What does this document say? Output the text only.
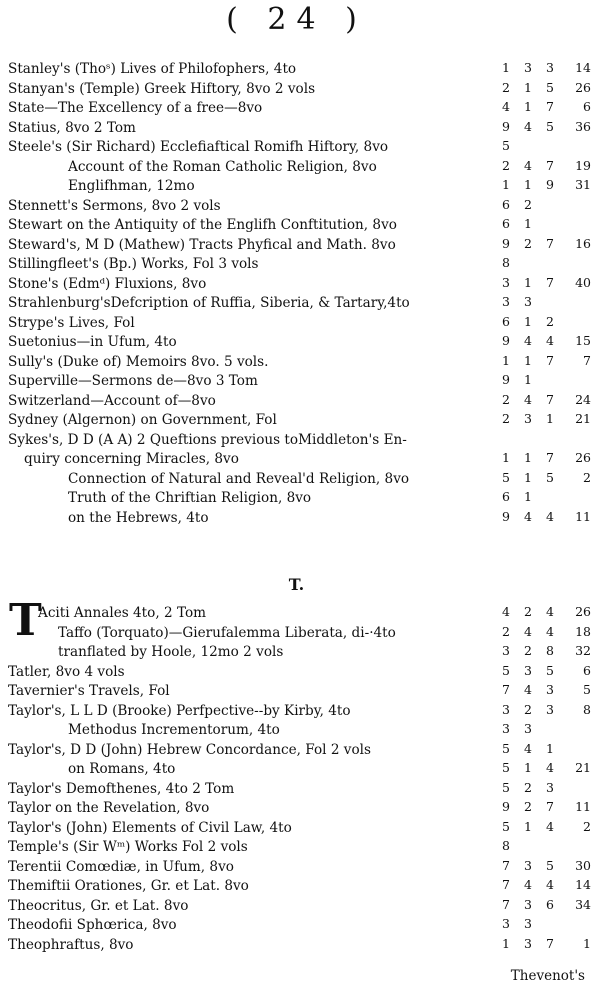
( 24 )
Stanley's (Thoˢ) Lives of Philofophers, 4to	1	3	3	14
Stanyan's (Temple) Greek Hiftory, 8vo 2 vols	2	1	5	26
State—The Excellency of a free—8vo	4	1	7	6
Statius, 8vo 2 Tom	9	4	5	36
Steele's (Sir Richard) Ecclefiaftical Romifh Hiftory, 8vo	5
Account of the Roman Catholic Religion, 8vo	2	4	7	19
Englifhman, 12mo	1	1	9	31
Stennett's Sermons, 8vo 2 vols	6	2
Stewart on the Antiquity of the Englifh Conftitution, 8vo	6	1
Steward's, M D (Mathew) Tracts Phyfical and Math. 8vo	9	2	7	16
Stillingfleet's (Bp.) Works, Fol 3 vols	8
Stone's (Edmᵈ) Fluxions, 8vo	3	1	7	40
Strahlenburg'sDefcription of Ruffia, Siberia, & Tartary,4to	3	3
Strype's Lives, Fol	6	1	2
Suetonius—in Ufum, 4to	9	4	4	15
Sully's (Duke of) Memoirs 8vo. 5 vols.	1	1	7	7
Superville—Sermons de—8vo 3 Tom	9	1
Switzerland—Account of—8vo	2	4	7	24
Sydney (Algernon) on Government, Fol	2	3	1	21
Sykes's, D D (A A) 2 Queftions previous toMiddleton's En-
quiry concerning Miracles, 8vo	1	1	7	26
Connection of Natural and Reveal'd Religion, 8vo	5	1	5	2
Truth of the Chriftian Religion, 8vo	6	1
on the Hebrews, 4to	9	4	4	11
T.
T
Aciti Annales 4to, 2 Tom	4	2	4	26
Taffo (Torquato)—Gierufalemma Liberata, di-·4to	2	4	4	18
tranflated by Hoole, 12mo 2 vols	3	2	8	32
Tatler, 8vo 4 vols	5	3	5	6
Tavernier's Travels, Fol	7	4	3	5
Taylor's, L L D (Brooke) Perfpective--by Kirby, 4to	3	2	3	8
Methodus Incrementorum, 4to	3	3
Taylor's, D D (John) Hebrew Concordance, Fol 2 vols	5	4	1
on Romans, 4to	5	1	4	21
Taylor's Demofthenes, 4to 2 Tom	5	2	3
Taylor on the Revelation, 8vo	9	2	7	11
Taylor's (John) Elements of Civil Law, 4to	5	1	4	2
Temple's (Sir Wᵐ) Works Fol 2 vols	8
Terentii Comœdiæ, in Ufum, 8vo	7	3	5	30
Themiftii Orationes, Gr. et Lat. 8vo	7	4	4	14
Theocritus, Gr. et Lat. 8vo	7	3	6	34
Theodofii Sphœrica, 8vo	3	3
Theophraftus, 8vo	1	3	7	1
Thevenot's
